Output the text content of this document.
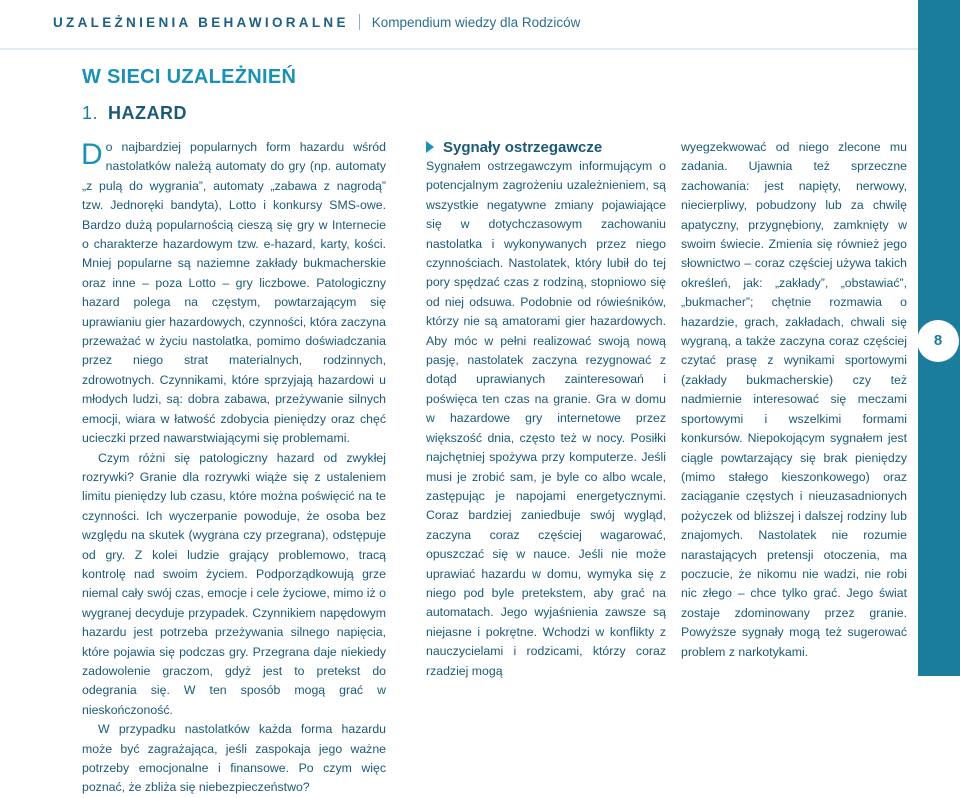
UZALEŻNIENIA BEHAWIORALNE Kompendium wiedzy dla Rodziców
8
W SIECI UZALEŻNIEŃ
1. HAZARD

Do najbardziej popularnych form hazardu wśród nastolatków należą automaty do gry (np. automaty „z pulą do wygrania”, automaty „zabawa z nagrodą” tzw. Jednoręki bandyta), Lotto i konkursy SMS-owe. Bardzo dużą popularnością cieszą się gry w Internecie o charakterze hazardowym tzw. e-hazard, karty, kości. Mniej popularne są naziemne zakłady bukmacherskie oraz inne – poza Lotto – gry liczbowe. Patologiczny hazard polega na częstym, powtarzającym się uprawianiu gier hazardowych, czynności, która zaczyna przeważać w życiu nastolatka, pomimo doświadczania przez niego strat materialnych, rodzinnych, zdrowotnych. Czynnikami, które sprzyjają hazardowi u młodych ludzi, są: dobra zabawa, przeżywanie silnych emocji, wiara w łatwość zdobycia pieniędzy oraz chęć ucieczki przed nawarstwiającymi się problemami.

Czym różni się patologiczny hazard od zwykłej rozrywki? Granie dla rozrywki wiąże się z ustaleniem limitu pieniędzy lub czasu, które można poświęcić na te czynności. Ich wyczerpanie powoduje, że osoba bez względu na skutek (wygrana czy przegrana), odstępuje od gry. Z kolei ludzie grający problemowo, tracą kontrolę nad swoim życiem. Podporządkowują grze niemal cały swój czas, emocje i cele życiowe, mimo iż o wygranej decyduje przypadek. Czynnikiem napędowym hazardu jest potrzeba przeżywania silnego napięcia, które pojawia się podczas gry. Przegrana daje niekiedy zadowolenie graczom, gdyż jest to pretekst do odegrania się. W ten sposób mogą grać w nieskończoność.

W przypadku nastolatków każda forma hazardu może być zagrażająca, jeśli zaspokaja jego ważne potrzeby emocjonalne i finansowe. Po czym więc poznać, że zbliża się niebezpieczeństwo?

Sygnały ostrzegawcze

Sygnałem ostrzegawczym informującym o potencjalnym zagrożeniu uzależnieniem, są wszystkie negatywne zmiany pojawiające się w dotychczasowym zachowaniu nastolatka i wykonywanych przez niego czynnościach. Nastolatek, który lubił do tej pory spędzać czas z rodziną, stopniowo się od niej odsuwa. Podobnie od rówieśników, którzy nie są amatorami gier hazardowych. Aby móc w pełni realizować swoją nową pasję, nastolatek zaczyna rezygnować z dotąd uprawianych zainteresowań i poświęca ten czas na granie. Gra w domu w hazardowe gry internetowe przez większość dnia, często też w nocy. Posiłki najchętniej spożywa przy komputerze. Jeśli musi je zrobić sam, je byle co albo wcale, zastępując je napojami energetycznymi. Coraz bardziej zaniedbuje swój wygląd, zaczyna coraz częściej wagarować, opuszczać się w nauce. Jeśli nie może uprawiać hazardu w domu, wymyka się z niego pod byle pretekstem, aby grać na automatach. Jego wyjaśnienia zawsze są niejasne i pokrętne. Wchodzi w konflikty z nauczycielami i rodzicami, którzy coraz rzadziej mogą

wyegzekwować od niego zlecone mu zadania. Ujawnia też sprzeczne zachowania: jest napięty, nerwowy, niecierpliwy, pobudzony lub za chwilę apatyczny, przygnębiony, zamknięty w swoim świecie. Zmienia się również jego słownictwo – coraz częściej używa takich określeń, jak: „zakłady”, „obstawiać”, „bukmacher”; chętnie rozmawia o hazardzie, grach, zakładach, chwali się wygraną, a także zaczyna coraz częściej czytać prasę z wynikami sportowymi (zakłady bukmacherskie) czy też nadmiernie interesować się meczami sportowymi i wszelkimi formami konkursów. Niepokojącym sygnałem jest ciągle powtarzający się brak pieniędzy (mimo stałego kieszonkowego) oraz zaciąganie częstych i nieuzasadnionych pożyczek od bliższej i dalszej rodziny lub znajomych. Nastolatek nie rozumie narastających pretensji otoczenia, ma poczucie, że nikomu nie wadzi, nie robi nic złego – chce tylko grać. Jego świat zostaje zdominowany przez granie. Powyższe sygnały mogą też sugerować problem z narkotykami.
